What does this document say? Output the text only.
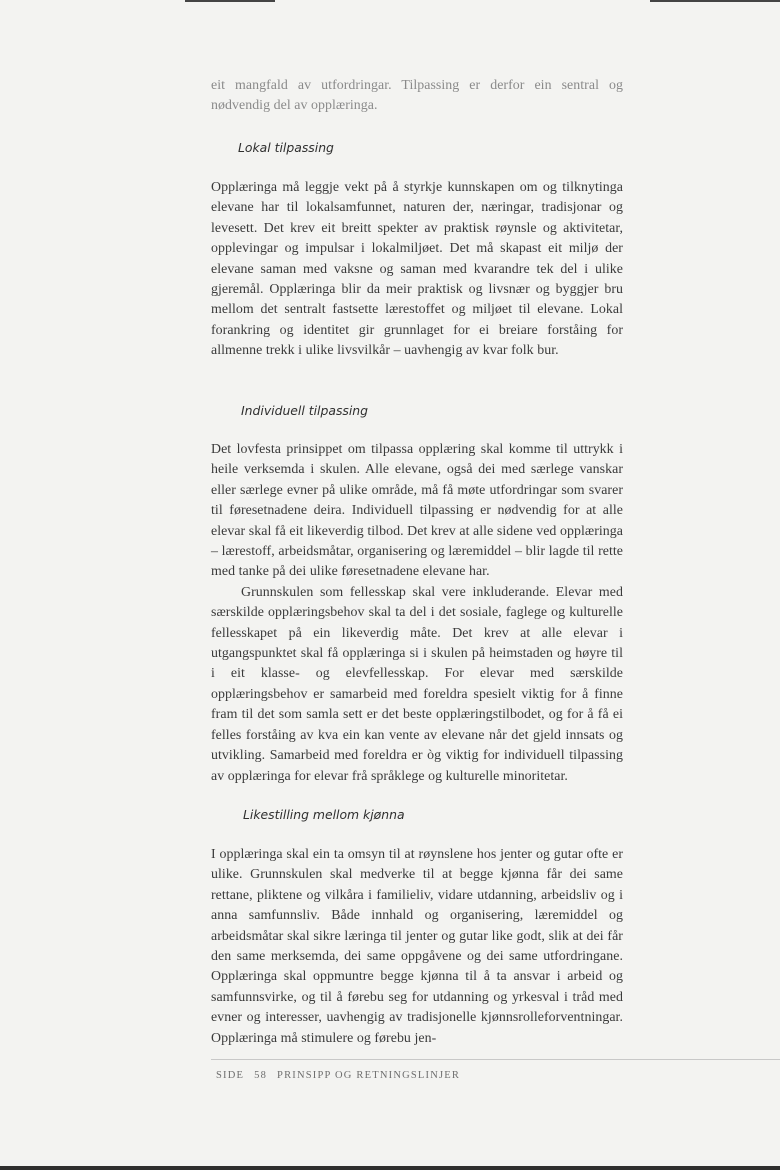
eit mangfald av utfordringar. Tilpassing er derfor ein sentral og nødvendig del av opplæringa.

Lokal tilpassing

Opplæringa må leggje vekt på å styrkje kunnskapen om og tilknytinga elevane har til lokalsamfunnet, naturen der, næringar, tradisjonar og levesett. Det krev eit breitt spekter av praktisk røynsle og aktivitetar, opplevingar og impulsar i lokalmiljøet. Det må skapast eit miljø der elevane saman med vaksne og saman med kvarandre tek del i ulike gjeremål. Opplæringa blir da meir praktisk og livsnær og byggjer bru mellom det sentralt fastsette lærestoffet og miljøet til elevane. Lokal forankring og identitet gir grunnlaget for ei breiare forståing for allmenne trekk i ulike livsvilkår – uavhengig av kvar folk bur.

Individuell tilpassing

Det lovfesta prinsippet om tilpassa opplæring skal komme til uttrykk i heile verksemda i skulen. Alle elevane, også dei med særlege vanskar eller særlege evner på ulike område, må få møte utfordringar som svarer til føresetnadene deira. Individuell tilpassing er nødvendig for at alle elevar skal få eit likeverdig tilbod. Det krev at alle sidene ved opplæringa – lærestoff, arbeidsmåtar, organisering og læremiddel – blir lagde til rette med tanke på dei ulike føresetnadene elevane har.

Grunnskulen som fellesskap skal vere inkluderande. Elevar med særskilde opplæringsbehov skal ta del i det sosiale, faglege og kulturelle fellesskapet på ein likeverdig måte. Det krev at alle elevar i utgangspunktet skal få opplæringa si i skulen på heimstaden og høyre til i eit klasse- og elevfellesskap. For elevar med særskilde opplæringsbehov er samarbeid med foreldra spesielt viktig for å finne fram til det som samla sett er det beste opplæringstilbodet, og for å få ei felles forståing av kva ein kan vente av elevane når det gjeld innsats og utvikling. Samarbeid med foreldra er òg viktig for individuell tilpassing av opplæringa for elevar frå språklege og kulturelle minoritetar.

Likestilling mellom kjønna

I opplæringa skal ein ta omsyn til at røynslene hos jenter og gutar ofte er ulike. Grunnskulen skal medverke til at begge kjønna får dei same rettane, pliktene og vilkåra i familieliv, vidare utdanning, arbeidsliv og i anna samfunnsliv. Både innhald og organisering, læremiddel og arbeidsmåtar skal sikre læringa til jenter og gutar like godt, slik at dei får den same merksemda, dei same oppgåvene og dei same utfordringane. Opplæringa skal oppmuntre begge kjønna til å ta ansvar i arbeid og samfunnsvirke, og til å førebu seg for utdanning og yrkesval i tråd med evner og interesser, uavhengig av tradisjonelle kjønnsrolleforventningar. Opplæringa må stimulere og førebu jen-

SIDE 58 PRINSIPP OG RETNINGSLINJER
